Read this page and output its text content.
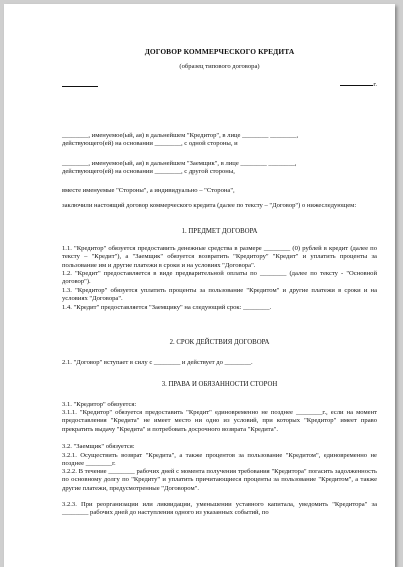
ДОГОВОР КОММЕРЧЕСКОГО КРЕДИТА
(образец типового договора)
г.
________, именуемое(ый, ая) в дальнейшем "Кредитор", в лице ________ ________,
действующего(ей) на основании ________, с одной стороны, и
________, именуемое(ый, ая) в дальнейшем "Заемщик", в лице ________ ________,
действующего(ей) на основании ________, с другой стороны,
вместе именуемые "Стороны", а индивидуально – "Сторона",
заключили настоящий договор коммерческого кредита (далее по тексту – "Договор") о нижеследующем:
1. ПРЕДМЕТ ДОГОВОРА
1.1. "Кредитор" обязуется предоставить денежные средства в размере ________ (0) рублей в кредит (далее по тексту – "Кредит"), а "Заемщик" обязуется возвратить "Кредитору" "Кредит" и уплатить проценты за пользование им и другие платежи в сроки и на условиях "Договора".
1.2. "Кредит" предоставляется в виде предварительной оплаты по ________ (далее по тексту - "Основной договор").
1.3. "Кредитор" обязуется уплатить проценты за пользование "Кредитом" и другие платежи в сроки и на условиях "Договора".
1.4. "Кредит" предоставляется "Заемщику" на следующий срок: ________.
2. СРОК ДЕЙСТВИЯ ДОГОВОРА
2.1. "Договор" вступает в силу с ________ и действует до ________.
3. ПРАВА И ОБЯЗАННОСТИ СТОРОН
3.1. "Кредитор" обязуется:
3.1.1. "Кредитор" обязуется предоставить "Кредит" единовременно не позднее ________г., если на момент предоставления "Кредита" не имеет место ни одно из условий, при которых "Кредитор" имеет право прекратить выдачу "Кредита" и потребовать досрочного возврата "Кредита".
3.2. "Заемщик" обязуется:
3.2.1. Осуществить возврат "Кредита", а также процентов за пользование "Кредитом", единовременно не позднее ________г.
3.2.2. В течение ________ рабочих дней с момента получения требования "Кредитора" погасить задолженность по основному долгу по "Кредиту" и уплатить причитающиеся проценты за пользование "Кредитом", а также другие платежи, предусмотренные "Договором".
3.2.3. При реорганизации или ликвидации, уменьшении уставного капитала, уведомить "Кредитора" за ________ рабочих дней до наступления одного из указанных событий, по
